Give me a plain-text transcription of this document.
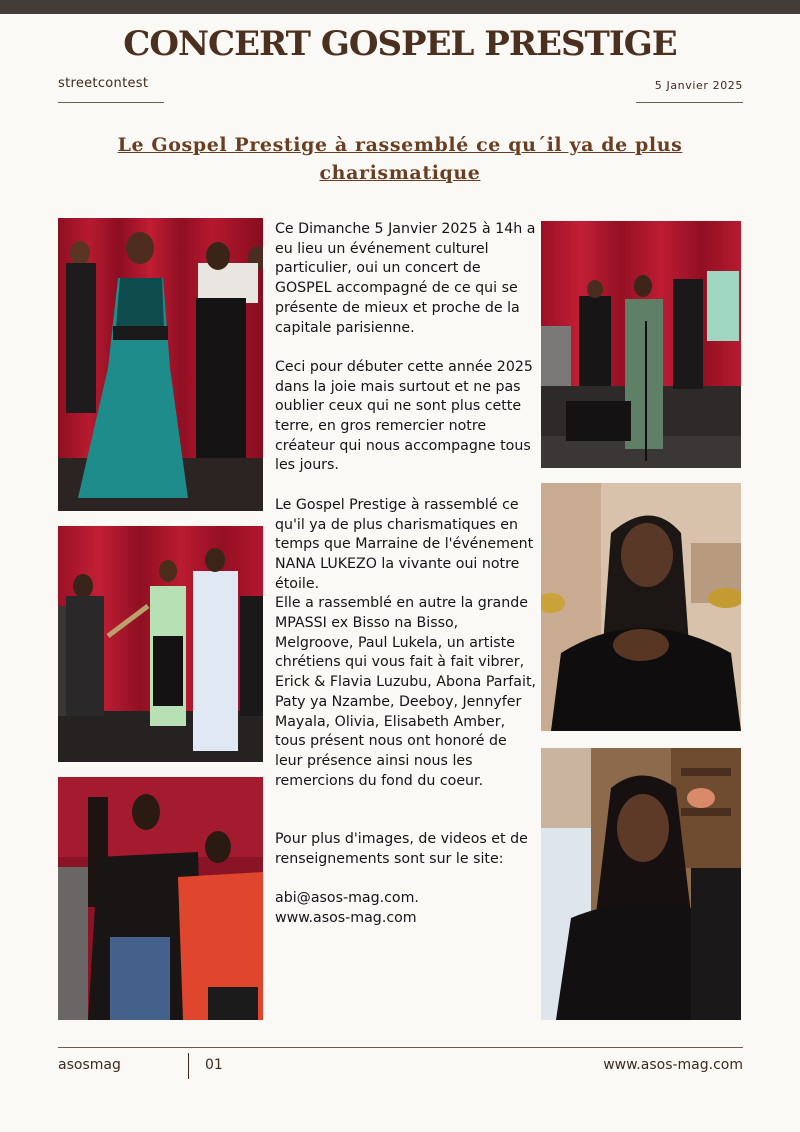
CONCERT GOSPEL PRESTIGE
streetcontest	5 Janvier 2025
Le Gospel Prestige à rassemblé ce qu´il ya de plus charismatique

Ce Dimanche 5 Janvier 2025 à 14h a eu lieu un événement culturel particulier, oui un concert de GOSPEL accompagné de ce qui se présente de mieux et proche de la capitale parisienne.

Ceci pour débuter cette année 2025 dans la joie mais surtout et ne pas oublier ceux qui ne sont plus cette terre, en gros remercier notre créateur qui nous accompagne tous les jours.

Le Gospel Prestige à rassemblé ce qu'il ya de plus charismatiques en temps que Marraine de l'événement NANA LUKEZO la vivante oui notre étoile.

Elle a rassemblé en autre la grande MPASSI ex Bisso na Bisso, Melgroove, Paul Lukela, un artiste chrétiens qui vous fait à fait vibrer, Erick & Flavia Luzubu, Abona Parfait, Paty ya Nzambe, Deeboy, Jennyfer Mayala, Olivia, Elisabeth Amber, tous présent nous ont honoré de leur présence ainsi nous les remercions du fond du coeur.

Pour plus d'images, de videos et de renseignements sont sur le site:

abi@asos-mag.com.

www.asos-mag.com

asosmag	01	www.asos-mag.com
